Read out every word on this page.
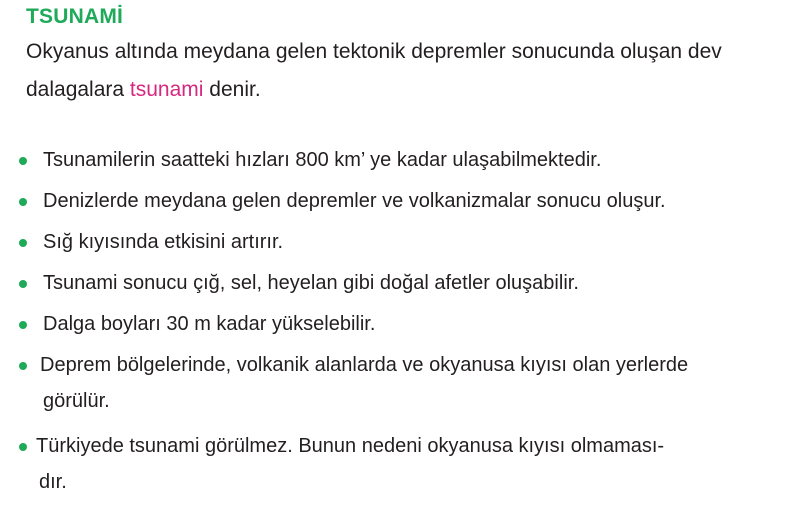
TSUNAMİ
Okyanus altında meydana gelen tektonik depremler sonucunda oluşan dev dalagalara tsunami denir.
Tsunamilerin saatteki hızları 800 km’ ye kadar ulaşabilmektedir.
Denizlerde meydana gelen depremler ve volkanizmalar sonucu oluşur.
Sığ kıyısında etkisini artırır.
Tsunami sonucu çığ, sel, heyelan gibi doğal afetler oluşabilir.
Dalga boyları 30 m kadar yükselebilir.
Deprem bölgelerinde, volkanik alanlarda ve okyanusa kıyısı olan yerlerde
görülür.
Türkiyede tsunami görülmez. Bunun nedeni okyanusa kıyısı olmaması-
dır.
